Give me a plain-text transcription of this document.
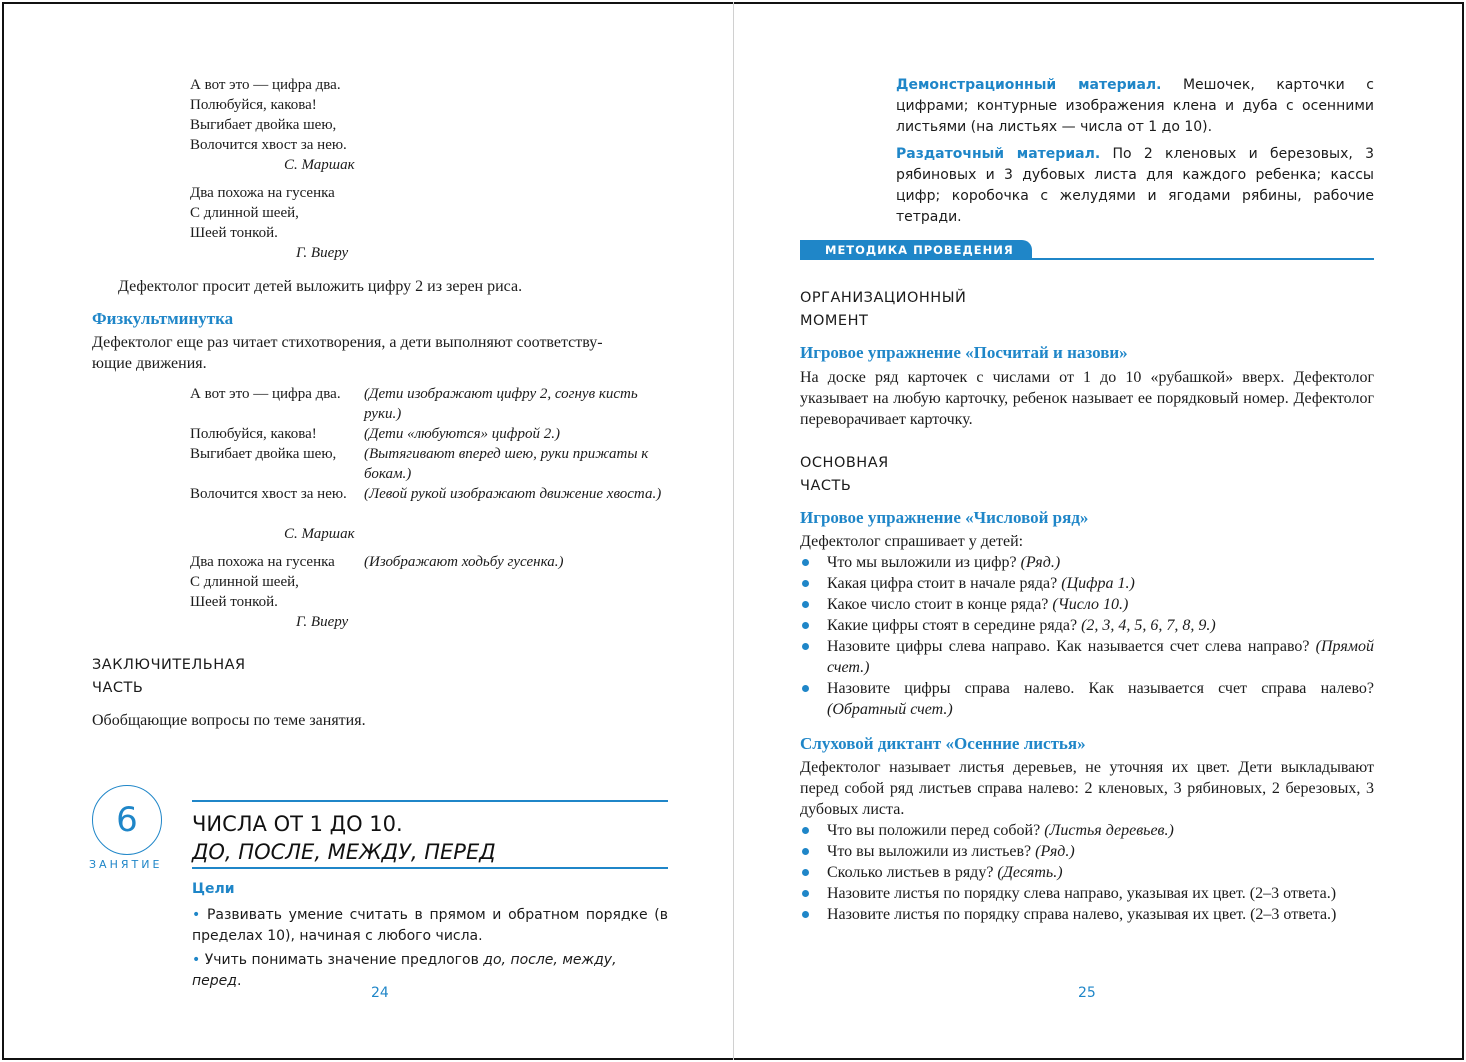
А вот это — цифра два.
Полюбуйся, какова!
Выгибает двойка шею,
Волочится хвост за нею.
С. Маршак
Два похожа на гусенка
С длинной шеей,
Шеей тонкой.
Г. Виеру
Дефектолог просит детей выложить цифру 2 из зерен риса.
Физкультминутка
Дефектолог еще раз читает стихотворения, а дети выполняют соответству-
ющие движения.
А вот это — цифра два. (Дети изображают цифру 2, согнув кисть руки.)
Полюбуйся, какова!	(Дети «любуются» цифрой 2.)
Выгибает двойка шею, (Вытягивают вперед шею, руки прижаты к бокам.)
Волочится хвост за нею. (Левой рукой изображают движение хвоста.)
С. Маршак
Два похожа на гусенка (Изображают ходьбу гусенка.)
С длинной шеей,
Шеей тонкой.
Г. Виеру
ЗАКЛЮЧИТЕЛЬНАЯ
ЧАСТЬ
Обобщающие вопросы по теме занятия.
6
ЗАНЯТИЕ
ЧИСЛА ОТ 1 ДО 10.
ДО, ПОСЛЕ, МЕЖДУ, ПЕРЕД
Цели
• Развивать умение считать в прямом и обратном порядке (в пределах 10), начиная с любого числа.
• Учить понимать значение предлогов до, после, между, перед.
24
Демонстрационный материал. Мешочек, карточки с цифрами; контурные изображения клена и дуба с осенними листьями (на листьях — числа от 1 до 10).
Раздаточный материал. По 2 кленовых и березовых, 3 рябиновых и 3 дубовых листа для каждого ребенка; кассы цифр; коробочка с желудями и ягодами рябины, рабочие тетради.
МЕТОДИКА ПРОВЕДЕНИЯ
ОРГАНИЗАЦИОННЫЙ
МОМЕНТ
Игровое упражнение «Посчитай и назови»
На доске ряд карточек с числами от 1 до 10 «рубашкой» вверх. Дефектолог указывает на любую карточку, ребенок называет ее порядковый номер. Дефектолог переворачивает карточку.
ОСНОВНАЯ
ЧАСТЬ
Игровое упражнение «Числовой ряд»
Дефектолог спрашивает у детей:
Что мы выложили из цифр? (Ряд.)
Какая цифра стоит в начале ряда? (Цифра 1.)
Какое число стоит в конце ряда? (Число 10.)
Какие цифры стоят в середине ряда? (2, 3, 4, 5, 6, 7, 8, 9.)
Назовите цифры слева направо. Как называется счет слева направо? (Прямой счет.)
Назовите цифры справа налево. Как называется счет справа налево? (Обратный счет.)
Слуховой диктант «Осенние листья»
Дефектолог называет листья деревьев, не уточняя их цвет. Дети выкладывают перед собой ряд листьев справа налево: 2 кленовых, 3 рябиновых, 2 березовых, 3 дубовых листа.
Что вы положили перед собой? (Листья деревьев.)
Что вы выложили из листьев? (Ряд.)
Сколько листьев в ряду? (Десять.)
Назовите листья по порядку слева направо, указывая их цвет. (2–3 ответа.)
Назовите листья по порядку справа налево, указывая их цвет. (2–3 ответа.)
25
